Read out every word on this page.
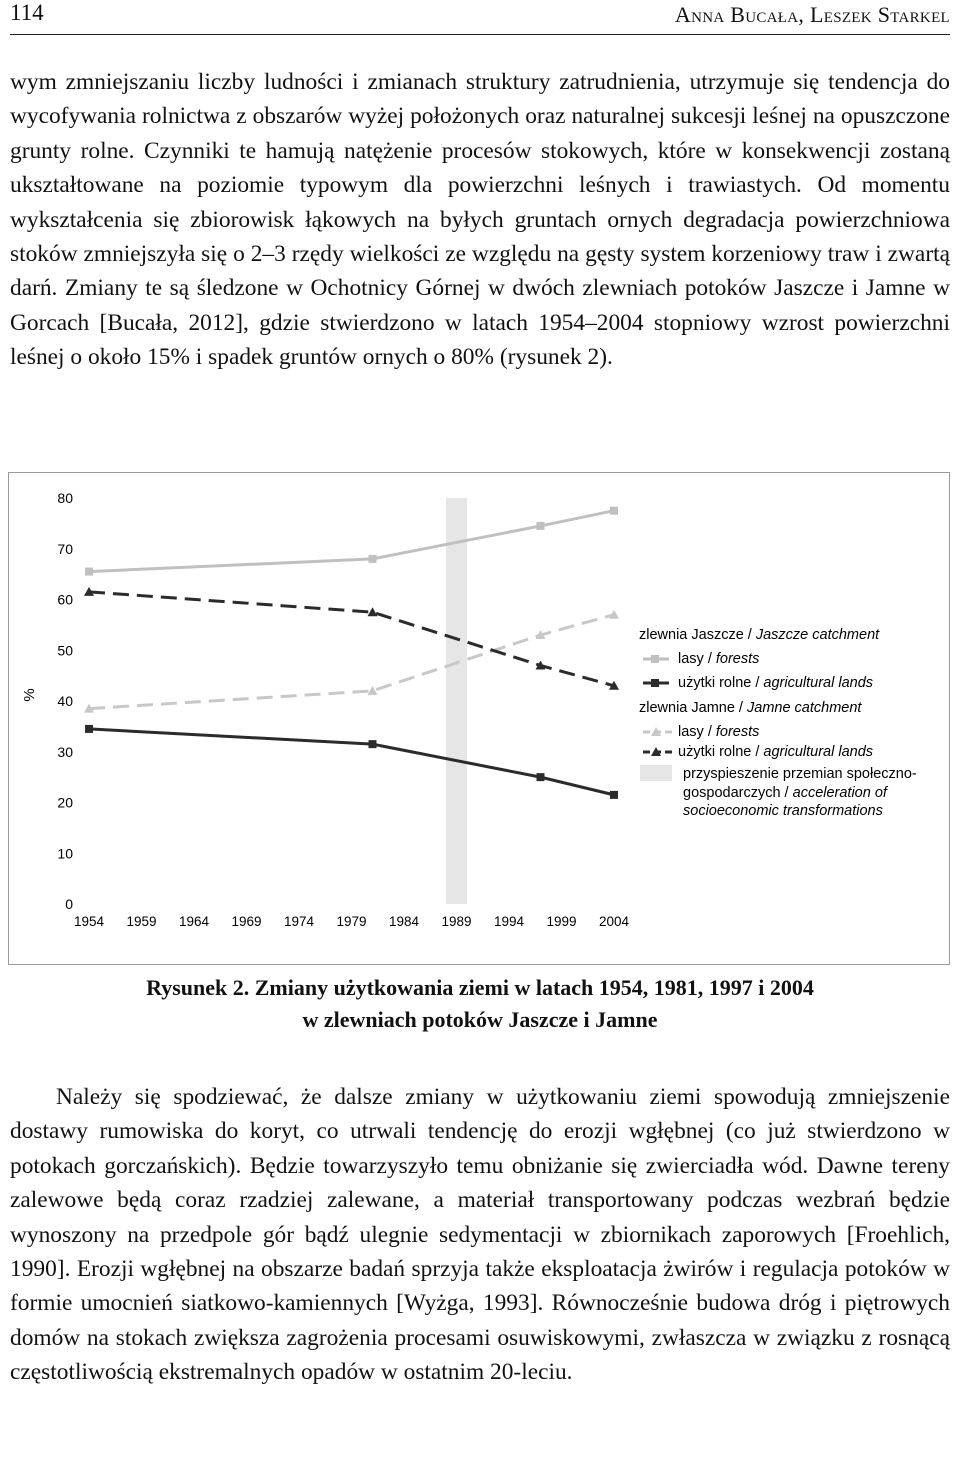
114	Anna Bucała, Leszek Starkel

wym zmniejszaniu liczby ludności i zmianach struktury zatrudnienia, utrzymuje się tendencja do wycofywania rolnictwa z obszarów wyżej położonych oraz naturalnej sukcesji leśnej na opuszczone grunty rolne. Czynniki te hamują natężenie procesów stokowych, które w konsekwencji zostaną ukształtowane na poziomie typowym dla powierzchni leśnych i trawiastych. Od momentu wykształcenia się zbiorowisk łąkowych na byłych gruntach ornych degradacja powierzchniowa stoków zmniejszyła się o 2–3 rzędy wielkości ze względu na gęsty system korzeniowy traw i zwartą darń. Zmiany te są śledzone w Ochotnicy Górnej w dwóch zlewniach potoków Jaszcze i Jamne w Gorcach [Bucała, 2012], gdzie stwierdzono w latach 1954–2004 stopniowy wzrost powierzchni leśnej o około 15% i spadek gruntów ornych o 80% (rysunek 2).

%
0
10
20
30
40
50
60
70
80
1954 1959 1964 1969 1974 1979 1984 1989 1994 1999 2004
zlewnia Jaszcze / Jaszcze catchment
lasy / forests
użytki rolne / agricultural lands
zlewnia Jamne / Jamne catchment
lasy / forests
użytki rolne / agricultural lands
przyspieszenie przemian społeczno-
gospodarczych / acceleration of
socioeconomic transformations
Rysunek 2. Zmiany użytkowania ziemi w latach 1954, 1981, 1997 i 2004
w zlewniach potoków Jaszcze i Jamne

Należy się spodziewać, że dalsze zmiany w użytkowaniu ziemi spowodują zmniejszenie dostawy rumowiska do koryt, co utrwali tendencję do erozji wgłębnej (co już stwierdzono w potokach gorczańskich). Będzie towarzyszyło temu obniżanie się zwierciadła wód. Dawne tereny zalewowe będą coraz rzadziej zalewane, a materiał transportowany podczas wezbrań będzie wynoszony na przedpole gór bądź ulegnie sedymentacji w zbiornikach zaporowych [Froehlich, 1990]. Erozji wgłębnej na obszarze badań sprzyja także eksploatacja żwirów i regulacja potoków w formie umocnień siatkowo-kamiennych [Wyżga, 1993]. Równocześnie budowa dróg i piętrowych domów na stokach zwiększa zagrożenia procesami osuwiskowymi, zwłaszcza w związku z rosnącą częstotliwością ekstremalnych opadów w ostatnim 20-leciu.
